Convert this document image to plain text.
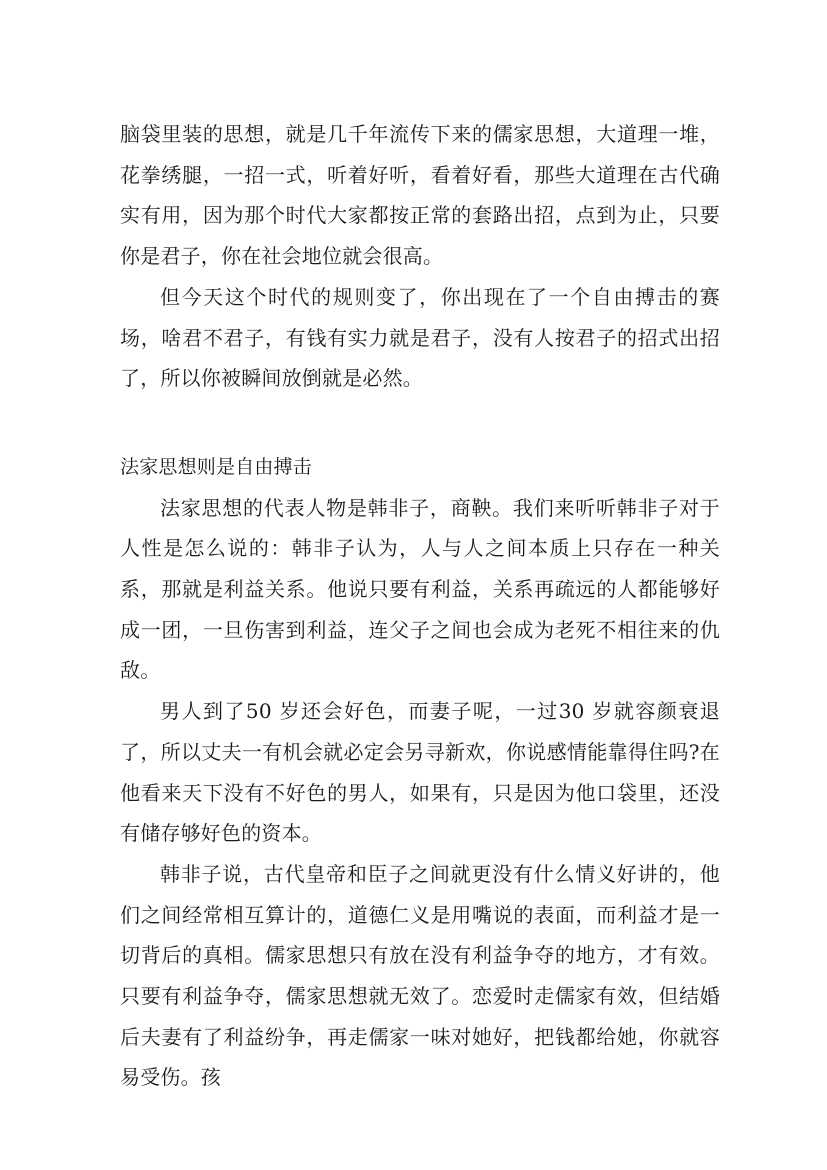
脑袋里装的思想，就是几千年流传下来的儒家思想，大道理一堆，花拳绣腿，一招一式，听着好听，看着好看，那些大道理在古代确实有用，因为那个时代大家都按正常的套路出招，点到为止，只要你是君子，你在社会地位就会很高。

但今天这个时代的规则变了，你出现在了一个自由搏击的赛场，啥君不君子，有钱有实力就是君子，没有人按君子的招式出招了，所以你被瞬间放倒就是必然。

法家思想则是自由搏击

法家思想的代表人物是韩非子，商鞅。我们来听听韩非子对于人性是怎么说的：韩非子认为，人与人之间本质上只存在一种关系，那就是利益关系。他说只要有利益，关系再疏远的人都能够好成一团，一旦伤害到利益，连父子之间也会成为老死不相往来的仇敌。

男人到了50 岁还会好色，而妻子呢，一过30 岁就容颜衰退了，所以丈夫一有机会就必定会另寻新欢，你说感情能靠得住吗?在他看来天下没有不好色的男人，如果有，只是因为他口袋里，还没有储存够好色的资本。

韩非子说，古代皇帝和臣子之间就更没有什么情义好讲的，他们之间经常相互算计的，道德仁义是用嘴说的表面，而利益才是一切背后的真相。儒家思想只有放在没有利益争夺的地方，才有效。只要有利益争夺，儒家思想就无效了。恋爱时走儒家有效，但结婚后夫妻有了利益纷争，再走儒家一味对她好，把钱都给她，你就容易受伤。孩
